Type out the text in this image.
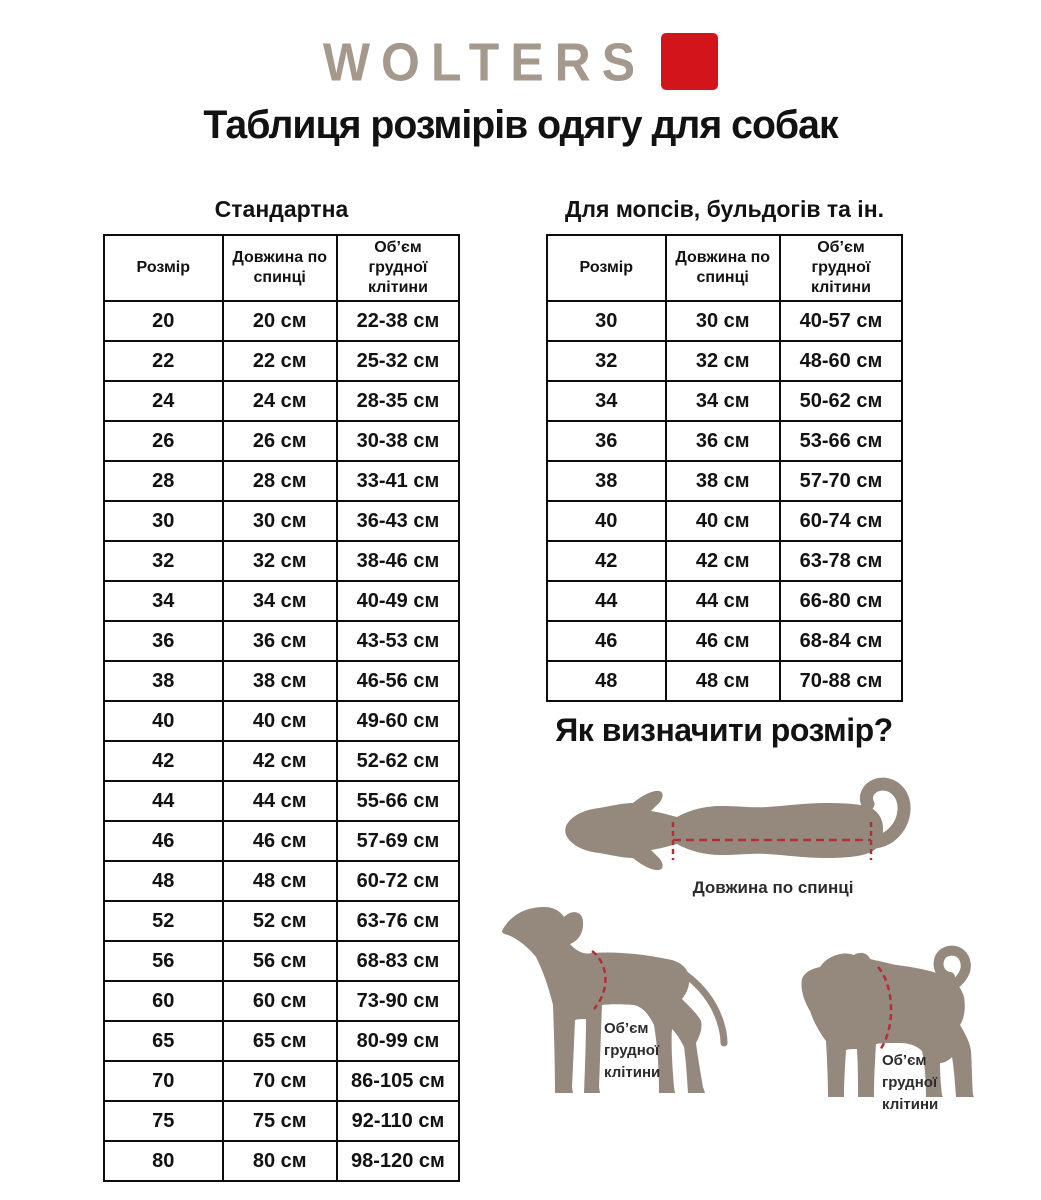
WOLTERS
Таблиця розмірів одягу для собак
Стандартна
Розмір	Довжина по спинці	Об’єм грудної клітини
20	20 см	22-38 см
22	22 см	25-32 см
24	24 см	28-35 см
26	26 см	30-38 см
28	28 см	33-41 см
30	30 см	36-43 см
32	32 см	38-46 см
34	34 см	40-49 см
36	36 см	43-53 см
38	38 см	46-56 см
40	40 см	49-60 см
42	42 см	52-62 см
44	44 см	55-66 см
46	46 см	57-69 см
48	48 см	60-72 см
52	52 см	63-76 см
56	56 см	68-83 см
60	60 см	73-90 см
65	65 см	80-99 см
70	70 см	86-105 см
75	75 см	92-110 см
80	80 см	98-120 см
Для мопсів, бульдогів та ін.
Розмір	Довжина по спинці	Об’єм грудної клітини
30	30 см	40-57 см
32	32 см	48-60 см
34	34 см	50-62 см
36	36 см	53-66 см
38	38 см	57-70 см
40	40 см	60-74 см
42	42 см	63-78 см
44	44 см	66-80 см
46	46 см	68-84 см
48	48 см	70-88 см
Як визначити розмір?
Довжина по спинці
Об’єм грудної клітини
Об’єм грудної клітини
